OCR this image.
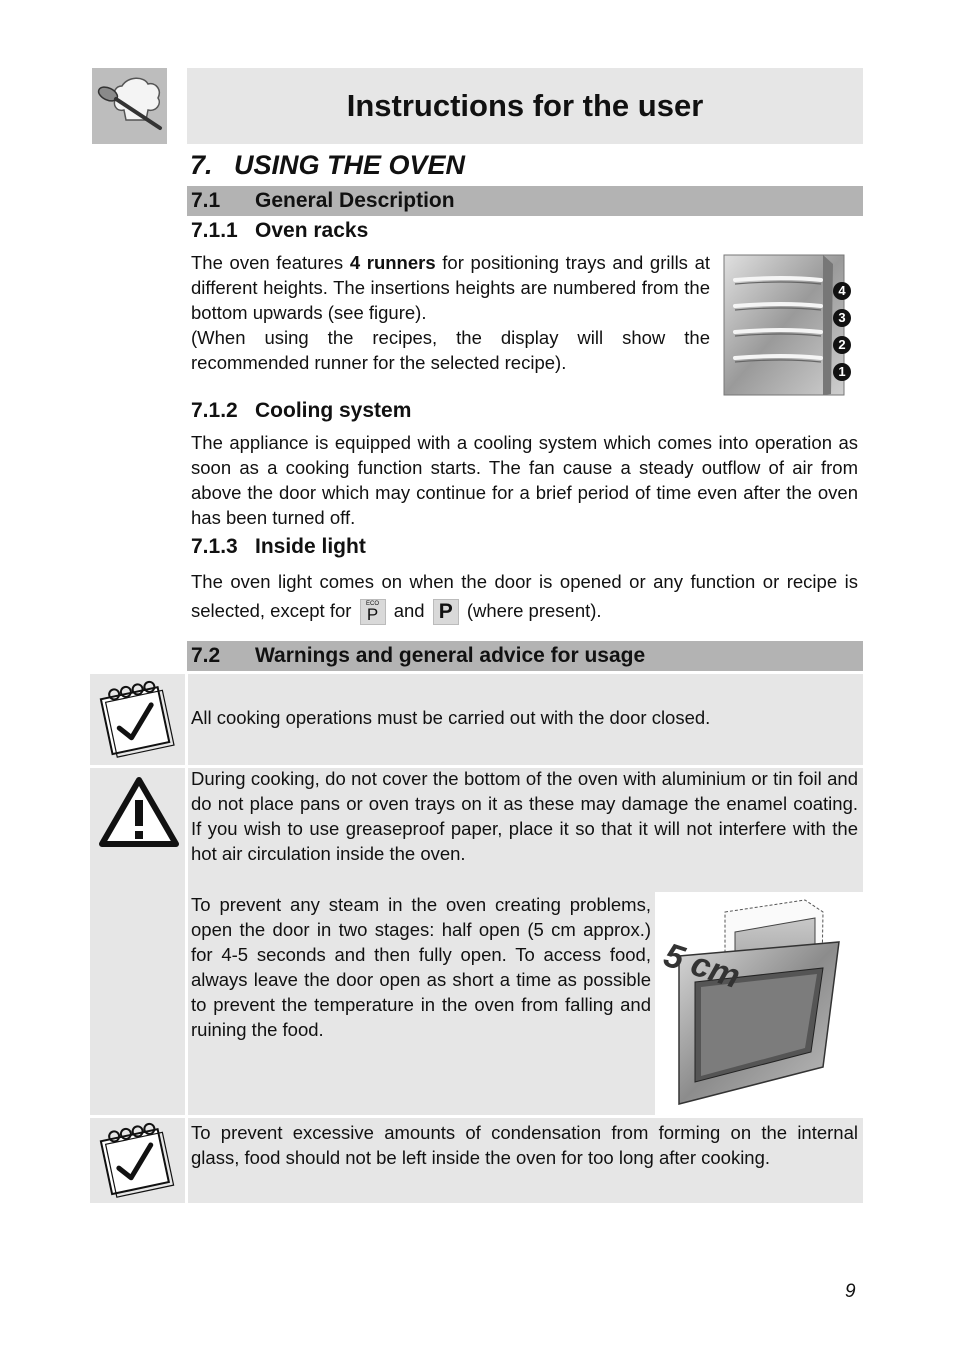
Instructions for the user
7. USING THE OVEN
7.1 General Description
7.1.1 Oven racks
The oven features 4 runners for positioning trays and grills at different heights. The insertions heights are numbered from the bottom upwards (see figure).
(When using the recipes, the display will show the recommended runner for the selected recipe).
4
3
2
1
7.1.2 Cooling system
The appliance is equipped with a cooling system which comes into operation as soon as a cooking function starts. The fan cause a steady outflow of air from above the door which may continue for a brief period of time even after the oven has been turned off.
7.1.3 Inside light
The oven light comes on when the door is opened or any function or recipe is selected, except for	ECO
P and P (where present).
7.2 Warnings and general advice for usage
All cooking operations must be carried out with the door closed.
During cooking, do not cover the bottom of the oven with aluminium or tin foil and do not place pans or oven trays on it as these may damage the enamel coating. If you wish to use greaseproof paper, place it so that it will not interfere with the hot air circulation inside the oven.
To prevent any steam in the oven creating problems, open the door in two stages: half open (5 cm approx.) for 4-5 seconds and then fully open. To access food, always leave the door open as short a time as possible to prevent the temperature in the oven from falling and ruining the food.
5 cm
To prevent excessive amounts of condensation from forming on the internal glass, food should not be left inside the oven for too long after cooking.
9
